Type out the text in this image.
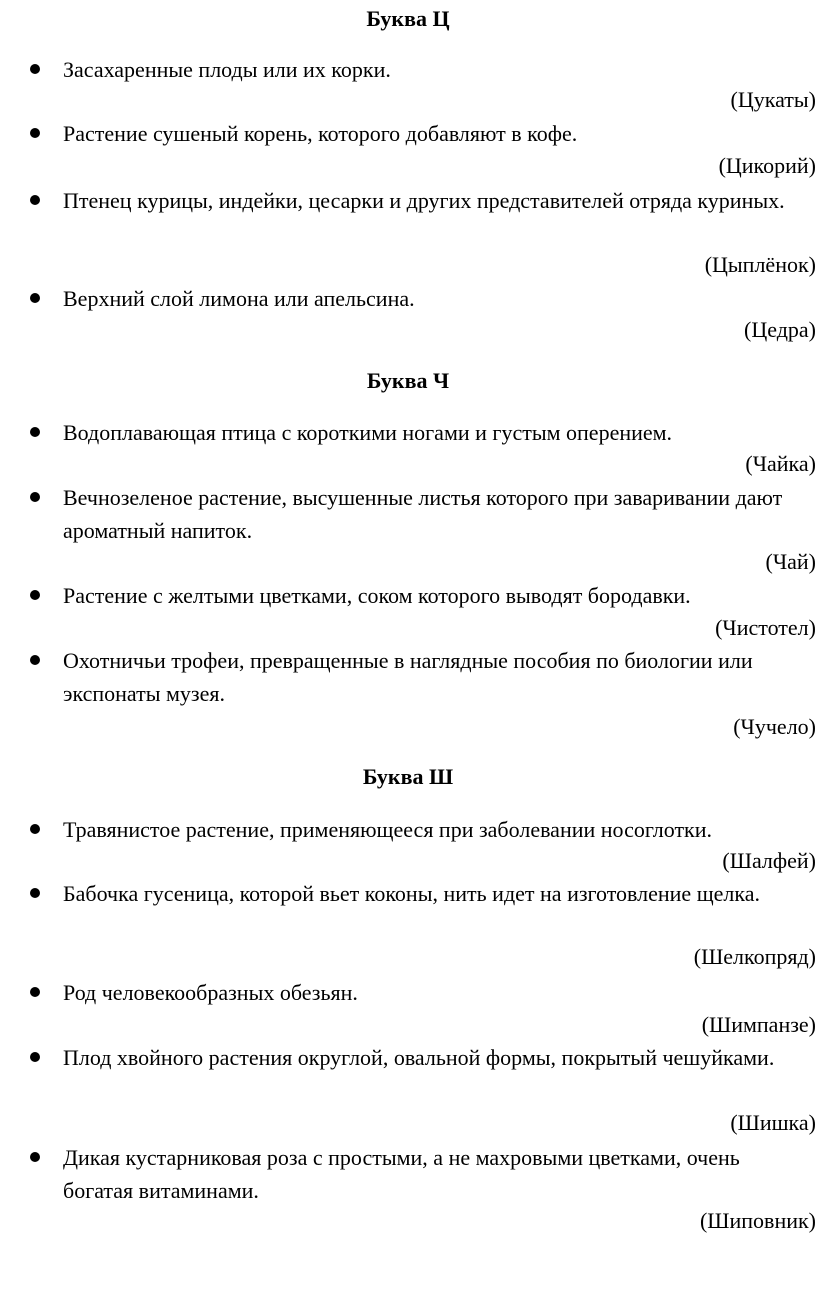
Буква Ц

Засахаренные плоды или их корки.

(Цукаты)

Растение сушеный корень, которого добавляют в кофе.

(Цикорий)

Птенец курицы, индейки, цесарки и других представителей отряда куриных.

(Цыплёнок)

Верхний слой лимона или апельсина.

(Цедра)

Буква Ч

Водоплавающая птица с короткими ногами и густым оперением.

(Чайка)

Вечнозеленое растение, высушенные листья которого при заваривании дают ароматный напиток.

(Чай)

Растение с желтыми цветками, соком которого выводят бородавки.

(Чистотел)

Охотничьи трофеи, превращенные в наглядные пособия по биологии или экспонаты музея.

(Чучело)

Буква Ш

Травянистое растение, применяющееся при заболевании носоглотки.

(Шалфей)

Бабочка гусеница, которой вьет коконы, нить идет на изготовление щелка.

(Шелкопряд)

Род человекообразных обезьян.

(Шимпанзе)

Плод хвойного растения округлой, овальной формы, покрытый чешуйками.

(Шишка)

Дикая кустарниковая роза с простыми, а не махровыми цветками, очень богатая витаминами.

(Шиповник)
